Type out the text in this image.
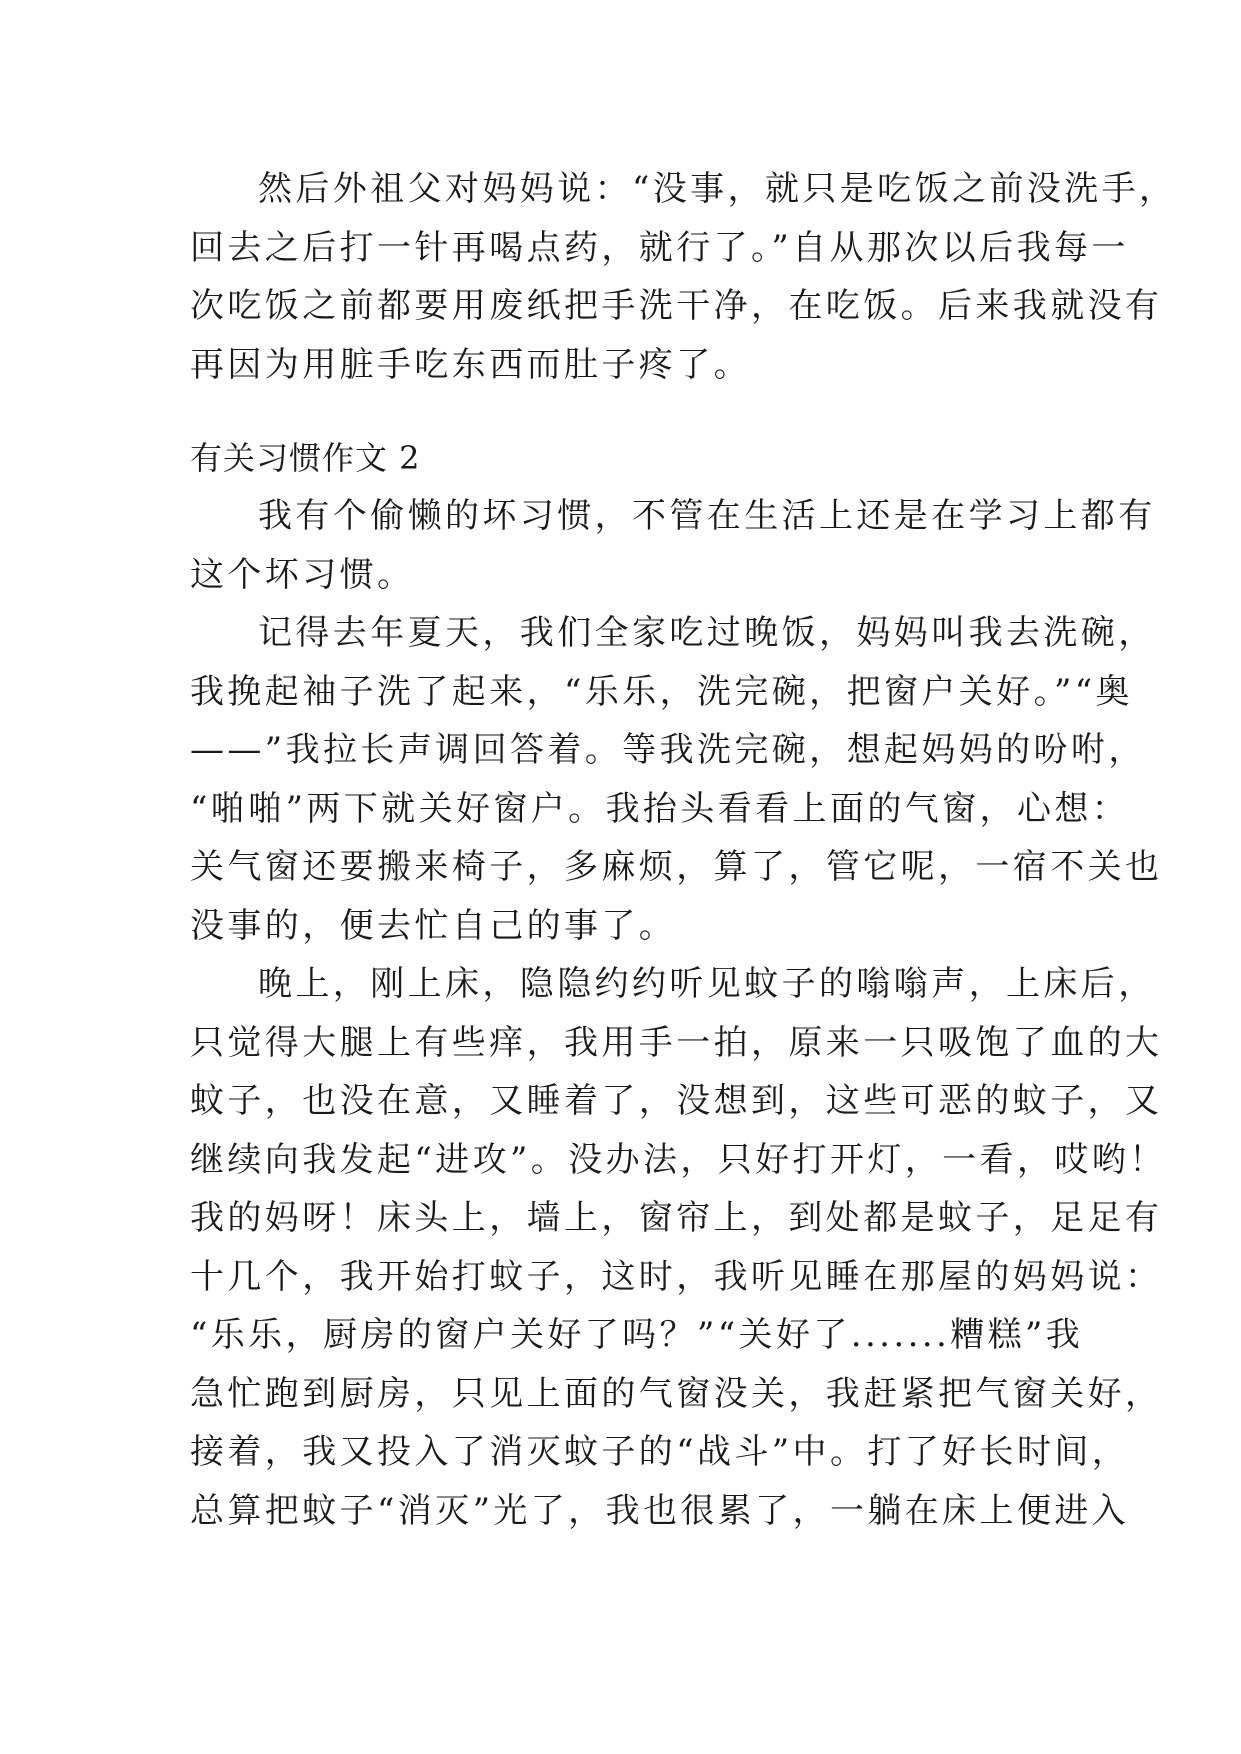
然后外祖父对妈妈说：“没事，就只是吃饭之前没洗手，
回去之后打一针再喝点药，就行了。”自从那次以后我每一
次吃饭之前都要用废纸把手洗干净，在吃饭。后来我就没有
再因为用脏手吃东西而肚子疼了。
有关习惯作文 2
我有个偷懒的坏习惯，不管在生活上还是在学习上都有
这个坏习惯。
记得去年夏天，我们全家吃过晚饭，妈妈叫我去洗碗，
我挽起袖子洗了起来，“乐乐，洗完碗，把窗户关好。”“奥
——”我拉长声调回答着。等我洗完碗，想起妈妈的吩咐，
“啪啪”两下就关好窗户。我抬头看看上面的气窗，心想：
关气窗还要搬来椅子，多麻烦，算了，管它呢，一宿不关也
没事的，便去忙自己的事了。
晚上，刚上床，隐隐约约听见蚊子的嗡嗡声，上床后，
只觉得大腿上有些痒，我用手一拍，原来一只吸饱了血的大
蚊子，也没在意，又睡着了，没想到，这些可恶的蚊子，又
继续向我发起“进攻”。没办法，只好打开灯，一看，哎哟！
我的妈呀！床头上，墙上，窗帘上，到处都是蚊子，足足有
十几个，我开始打蚊子，这时，我听见睡在那屋的妈妈说：
“乐乐，厨房的窗户关好了吗？”“关好了.......糟糕”我
急忙跑到厨房，只见上面的气窗没关，我赶紧把气窗关好，
接着，我又投入了消灭蚊子的“战斗”中。打了好长时间，
总算把蚊子“消灭”光了，我也很累了，一躺在床上便进入
